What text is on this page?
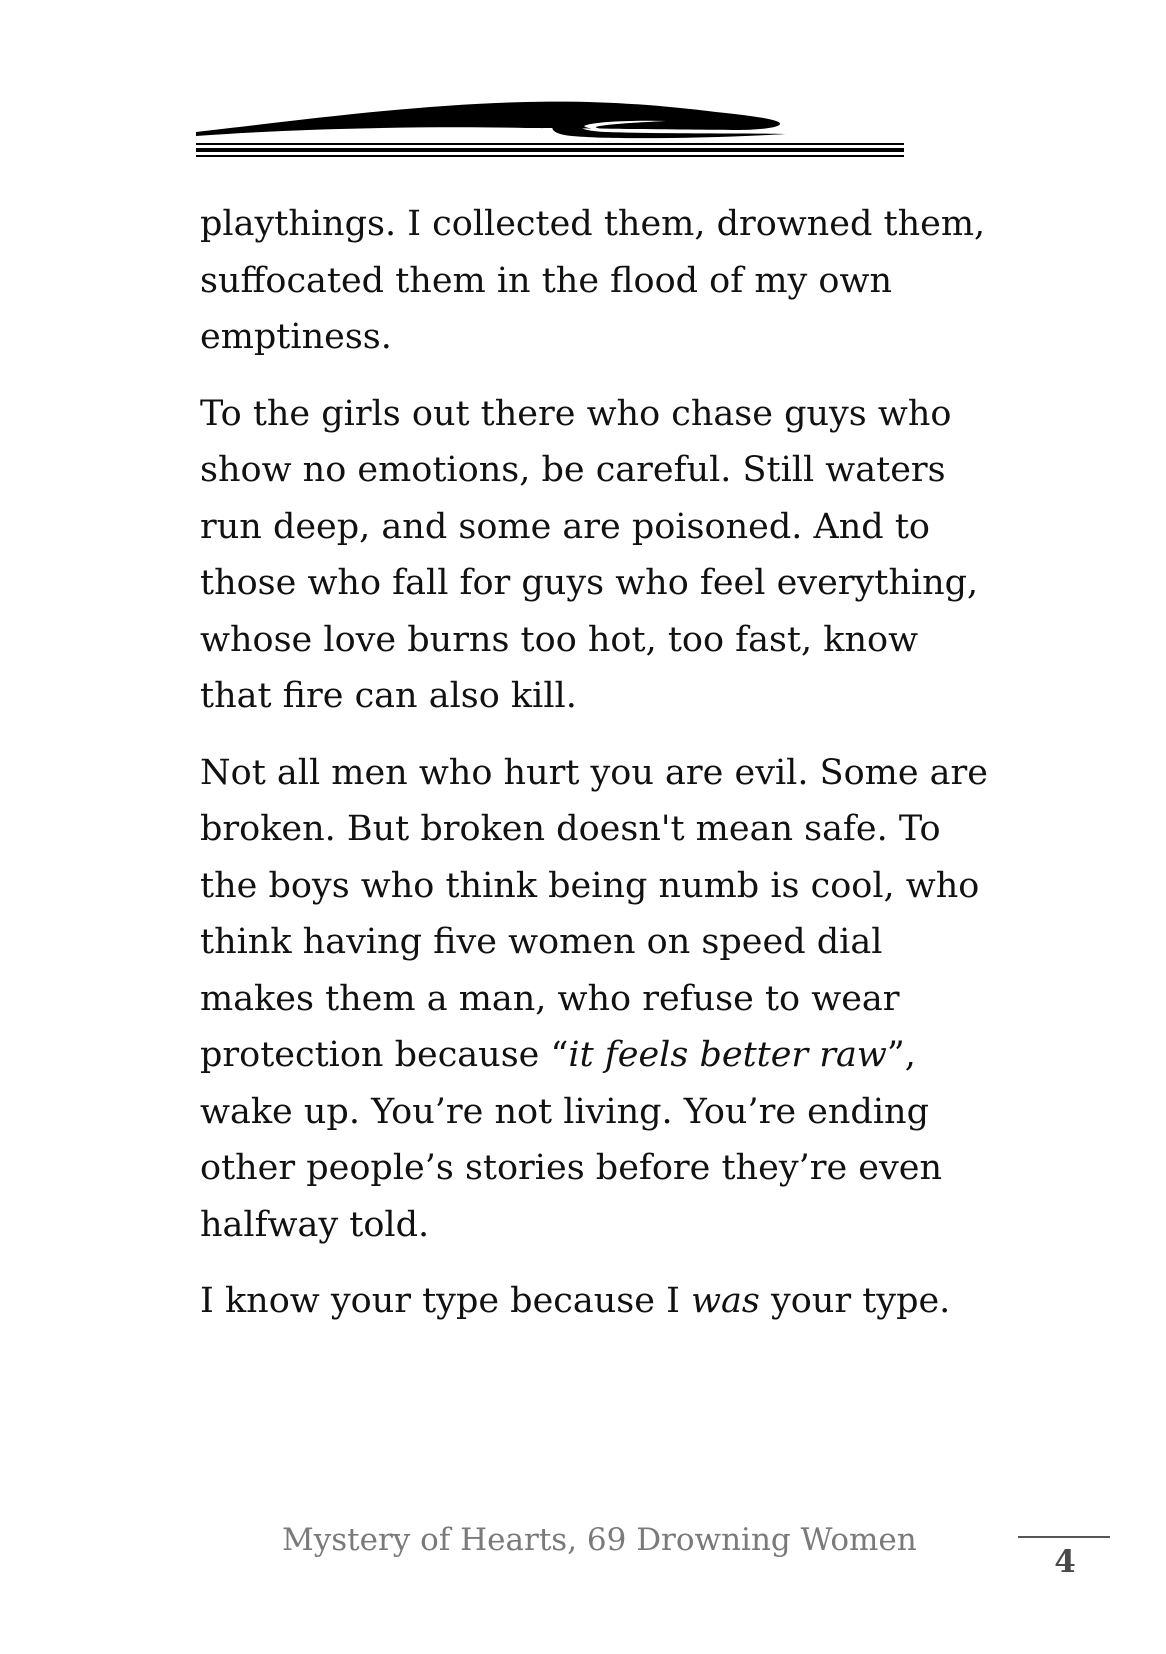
playthings. I collected them, drowned them, suffocated them in the flood of my own emptiness.

To the girls out there who chase guys who show no emotions, be careful. Still waters run deep, and some are poisoned. And to those who fall for guys who feel everything, whose love burns too hot, too fast, know that fire can also kill.

Not all men who hurt you are evil. Some are broken. But broken doesn't mean safe. To the boys who think being numb is cool, who think having five women on speed dial makes them a man, who refuse to wear protection because “it feels better raw”, wake up. You’re not living. You’re ending other people’s stories before they’re even halfway told.

I know your type because I was your type.

Mystery of Hearts, 69 Drowning Women
4
